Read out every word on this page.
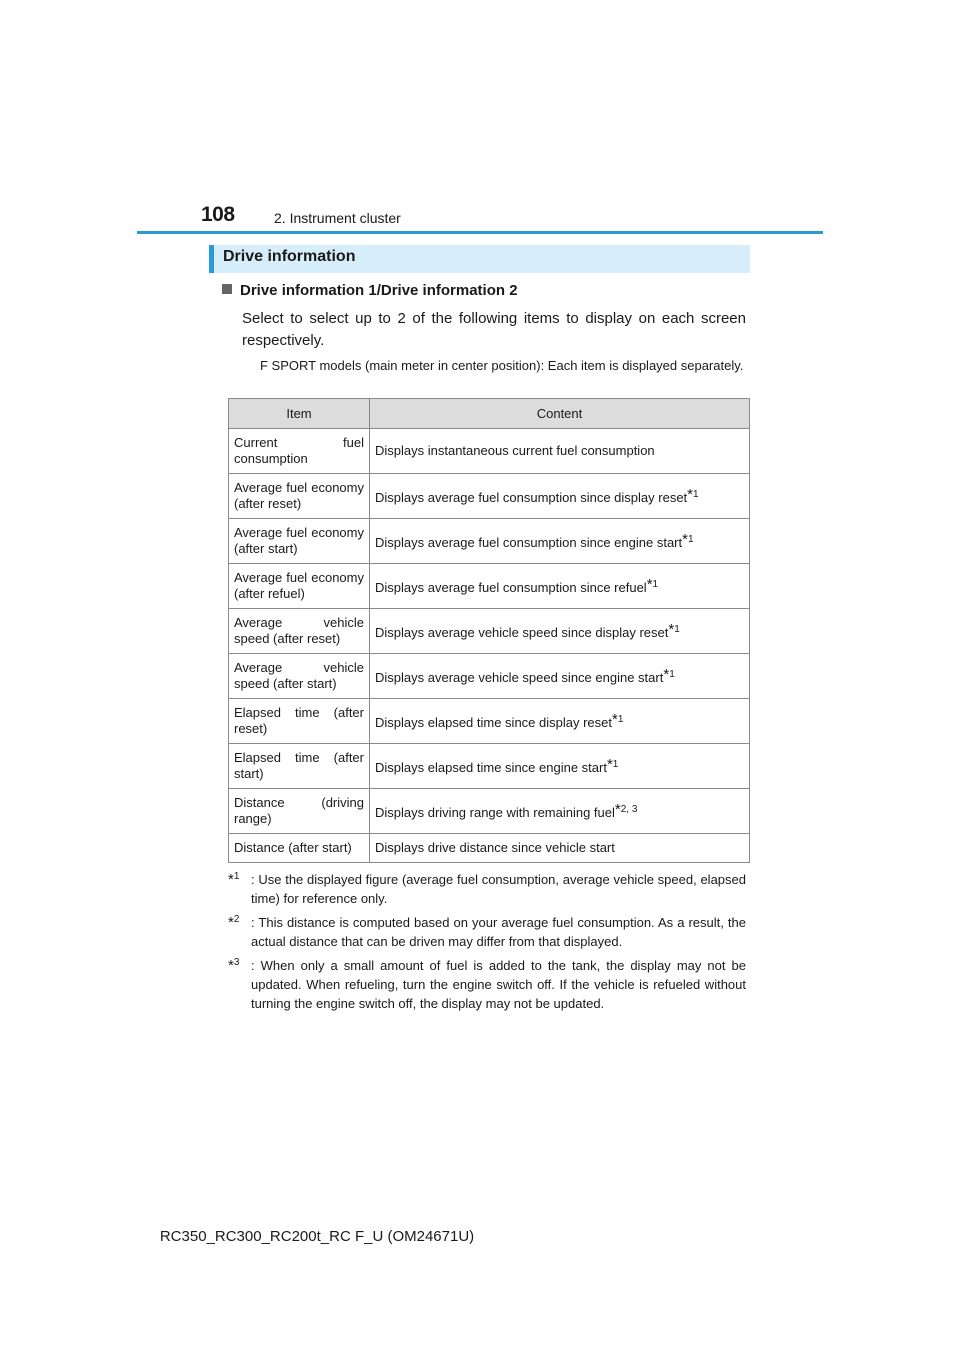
108	2. Instrument cluster
Drive information
Drive information 1/Drive information 2
Select to select up to 2 of the following items to display on each screen respectively.
F SPORT models (main meter in center position): Each item is displayed separately.
Item	Content
Current fuel consumption	Displays instantaneous current fuel consumption
Average fuel economy (after reset)	Displays average fuel consumption since display reset*$^1$
Average fuel economy (after start)	Displays average fuel consumption since engine start*$^1$
Average fuel economy (after refuel)	Displays average fuel consumption since refuel*$^1$
Average vehicle speed (after reset)	Displays average vehicle speed since display reset*$^1$
Average vehicle speed (after start)	Displays average vehicle speed since engine start*$^1$
Elapsed time (after reset)	Displays elapsed time since display reset*$^1$
Elapsed time (after start)	Displays elapsed time since engine start*$^1$
Distance (driving range)	Displays driving range with remaining fuel*$^{2, 3}$
Distance (after start)	Displays drive distance since vehicle start
*$^1$ : Use the displayed figure (average fuel consumption, average vehicle speed, elapsed time) for reference only.
*$^2$ : This distance is computed based on your average fuel consumption. As a result, the actual distance that can be driven may differ from that displayed.
*$^3$ : When only a small amount of fuel is added to the tank, the display may not be updated. When refueling, turn the engine switch off. If the vehicle is refueled without turning the engine switch off, the display may not be updated.
RC350_RC300_RC200t_RC F_U (OM24671U)
